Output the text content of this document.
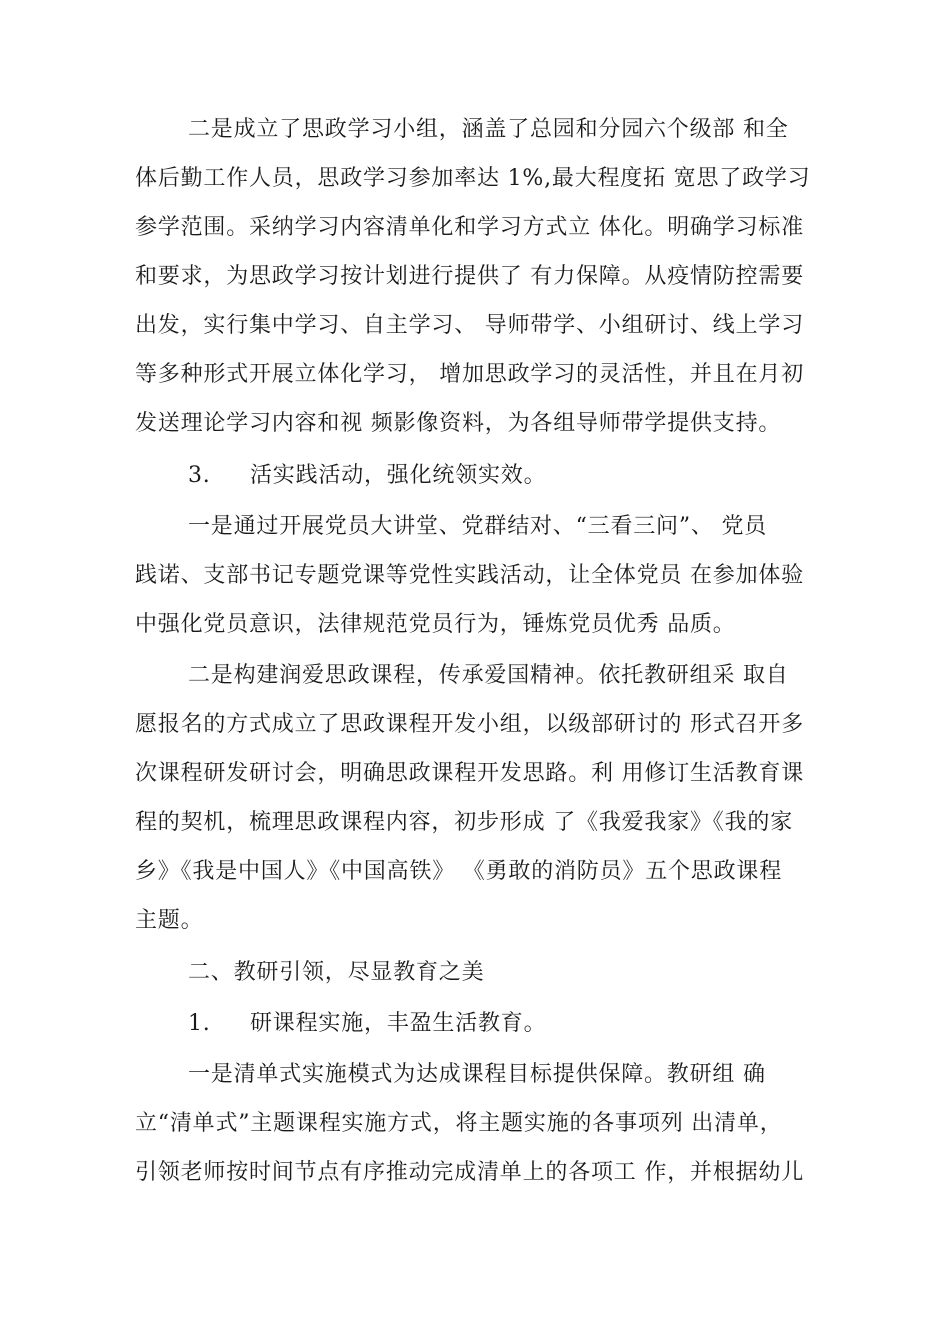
二是成立了思政学习小组，涵盖了总园和分园六个级部 和全
体后勤工作人员，思政学习参加率达 1%,最大程度拓 宽思了政学习
参学范围。采纳学习内容清单化和学习方式立 体化。明确学习标准
和要求，为思政学习按计划进行提供了 有力保障。从疫情防控需要
出发，实行集中学习、自主学习、 导师带学、小组研讨、线上学习
等多种形式开展立体化学习， 增加思政学习的灵活性，并且在月初
发送理论学习内容和视 频影像资料，为各组导师带学提供支持。
3. 活实践活动，强化统领实效。
一是通过开展党员大讲堂、党群结对、“三看三问”、 党员
践诺、支部书记专题党课等党性实践活动，让全体党员 在参加体验
中强化党员意识，法律规范党员行为，锤炼党员优秀 品质。
二是构建润爱思政课程，传承爱国精神。依托教研组采 取自
愿报名的方式成立了思政课程开发小组，以级部研讨的 形式召开多
次课程研发研讨会，明确思政课程开发思路。利 用修订生活教育课
程的契机，梳理思政课程内容，初步形成 了《我爱我家》《我的家
乡》《我是中国人》《中国高铁》 《勇敢的消防员》五个思政课程
主题。
二、教研引领，尽显教育之美
1. 研课程实施，丰盈生活教育。
一是清单式实施模式为达成课程目标提供保障。教研组 确
立“清单式”主题课程实施方式，将主题实施的各事项列 出清单，
引领老师按时间节点有序推动完成清单上的各项工 作，并根据幼儿
